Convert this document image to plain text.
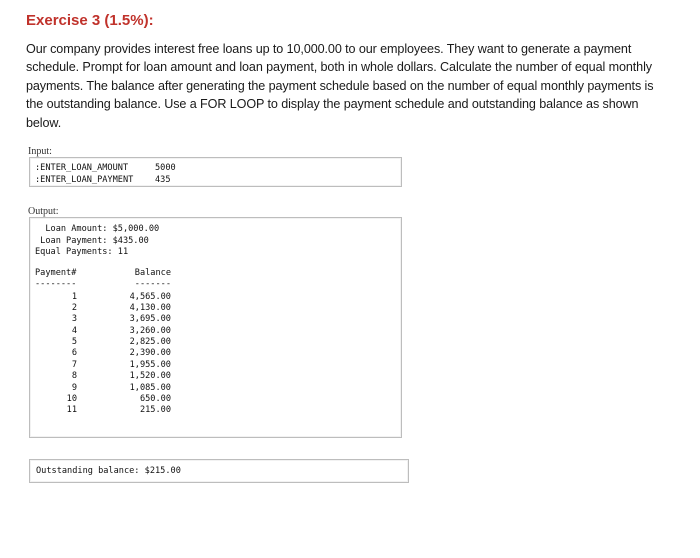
Exercise 3 (1.5%):

Our company provides interest free loans up to 10,000.00 to our employees. They want to generate a payment schedule. Prompt for loan amount and loan payment, both in whole dollars. Calculate the number of equal monthly payments. The balance after generating the payment schedule based on the number of equal monthly payments is the outstanding balance. Use a FOR LOOP to display the payment schedule and outstanding balance as shown below.

Input:
:ENTER_LOAN_AMOUNT	5000
:ENTER_LOAN_PAYMENT	435
Output:
Loan Amount: $5,000.00
Loan Payment: $435.00
Equal Payments: 11
Payment#	Balance
--------	-------
1	4,565.00
2	4,130.00
3	3,695.00
4	3,260.00
5	2,825.00
6	2,390.00
7	1,955.00
8	1,520.00
9	1,085.00
10	650.00
11	215.00
Outstanding balance: $215.00
